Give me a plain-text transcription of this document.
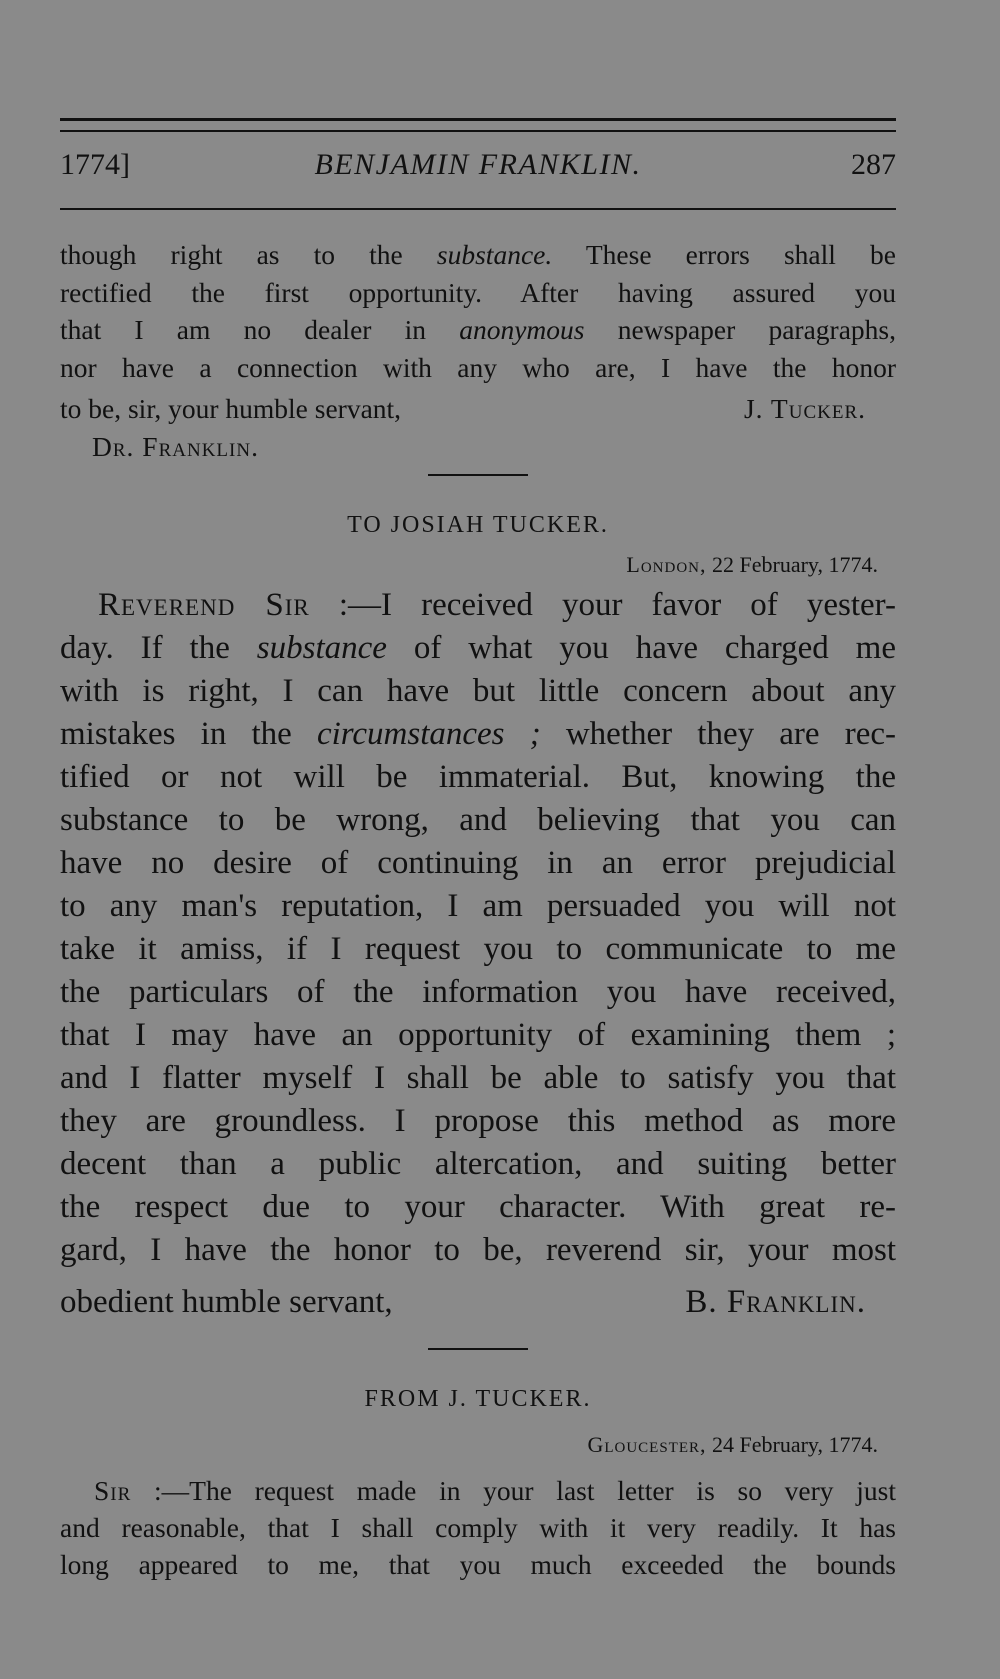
1774]	BENJAMIN FRANKLIN.	287
though right as to the substance. These errors shall be
rectified the first opportunity. After having assured you
that I am no dealer in anonymous newspaper paragraphs,
nor have a connection with any who are, I have the honor
to be, sir, your humble servant,	J. Tucker.
Dr. Franklin.
TO JOSIAH TUCKER.
London, 22 February, 1774.
Reverend Sir :—I received your favor of yester-
day. If the substance of what you have charged me
with is right, I can have but little concern about any
mistakes in the circumstances ; whether they are rec-
tified or not will be immaterial. But, knowing the
substance to be wrong, and believing that you can
have no desire of continuing in an error prejudicial
to any man's reputation, I am persuaded you will not
take it amiss, if I request you to communicate to me
the particulars of the information you have received,
that I may have an opportunity of examining them ;
and I flatter myself I shall be able to satisfy you that
they are groundless. I propose this method as more
decent than a public altercation, and suiting better
the respect due to your character. With great re-
gard, I have the honor to be, reverend sir, your most
obedient humble servant,	B. Franklin.
FROM J. TUCKER.
Gloucester, 24 February, 1774.
Sir :—The request made in your last letter is so very just
and reasonable, that I shall comply with it very readily. It has
long appeared to me, that you much exceeded the bounds
